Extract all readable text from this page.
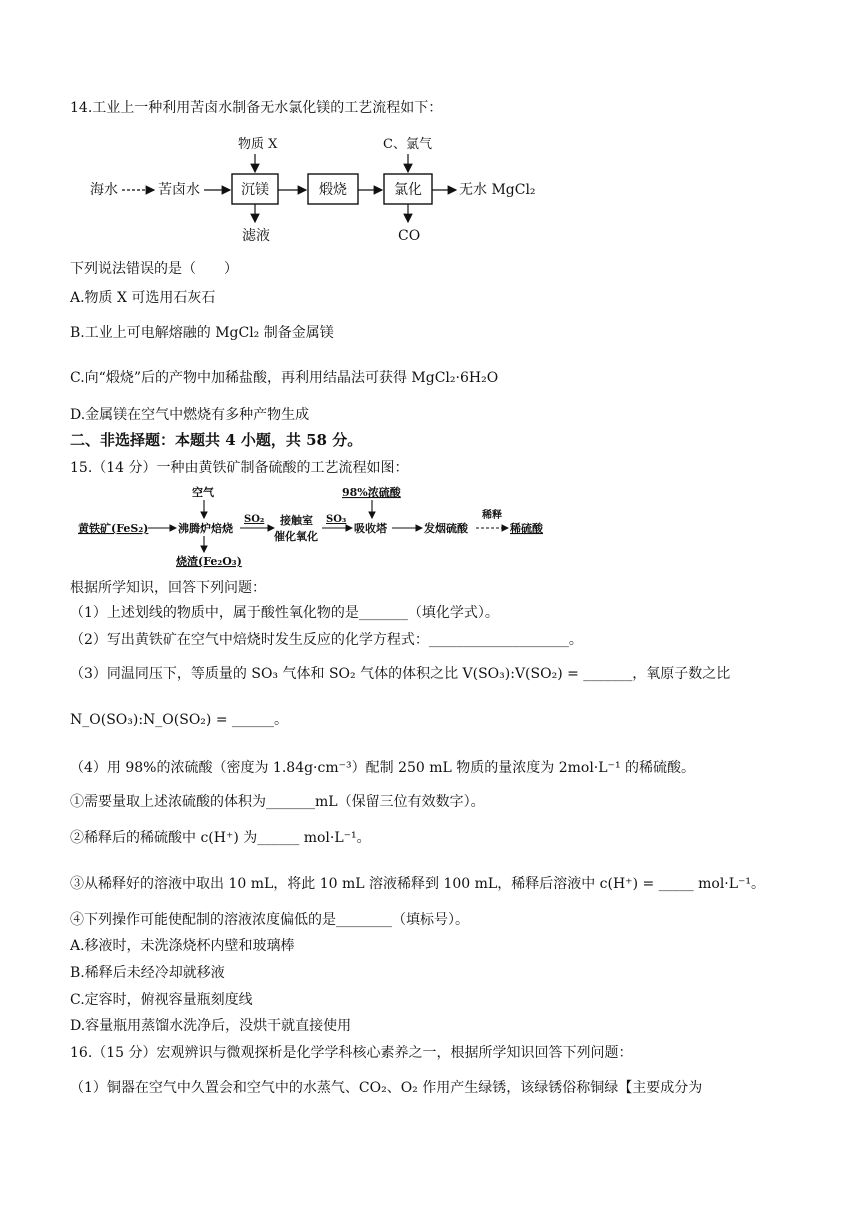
14.工业上一种利用苦卤水制备无水氯化镁的工艺流程如下：
海水	苦卤水	沉镁	煅烧	氯化	无水 MgCl₂
物质 X	C、氯气
滤液	CO
下列说法错误的是（　　）
A.物质 X 可选用石灰石
B.工业上可电解熔融的 MgCl₂ 制备金属镁
C.向“煅烧”后的产物中加稀盐酸，再利用结晶法可获得 MgCl₂·6H₂O
D.金属镁在空气中燃烧有多种产物生成
二、非选择题：本题共 4 小题，共 58 分。
15.（14 分）一种由黄铁矿制备硫酸的工艺流程如图：
黄铁矿(FeS₂)	沸腾炉焙烧
空气
烧渣(Fe₂O₃)
SO₂ 接触室
催化氧化
SO₃
98%浓硫酸
吸收塔	发烟硫酸
稀释
稀硫酸
根据所学知识，回答下列问题：
（1）上述划线的物质中，属于酸性氧化物的是_______（填化学式）。
（2）写出黄铁矿在空气中焙烧时发生反应的化学方程式：____________________。
（3）同温同压下，等质量的 SO₃ 气体和 SO₂ 气体的体积之比 V(SO₃):V(SO₂) = _______，氧原子数之比
N_O(SO₃):N_O(SO₂) = ______。
（4）用 98%的浓硫酸（密度为 1.84g·cm⁻³）配制 250 mL 物质的量浓度为 2mol·L⁻¹ 的稀硫酸。
①需要量取上述浓硫酸的体积为_______mL（保留三位有效数字）。
②稀释后的稀硫酸中 c(H⁺) 为______ mol·L⁻¹。
③从稀释好的溶液中取出 10 mL，将此 10 mL 溶液稀释到 100 mL，稀释后溶液中 c(H⁺) = _____ mol·L⁻¹。
④下列操作可能使配制的溶液浓度偏低的是________（填标号）。
A.移液时，未洗涤烧杯内壁和玻璃棒
B.稀释后未经冷却就移液
C.定容时，俯视容量瓶刻度线
D.容量瓶用蒸馏水洗净后，没烘干就直接使用
16.（15 分）宏观辨识与微观探析是化学学科核心素养之一，根据所学知识回答下列问题：
（1）铜器在空气中久置会和空气中的水蒸气、CO₂、O₂ 作用产生绿锈，该绿锈俗称铜绿【主要成分为
